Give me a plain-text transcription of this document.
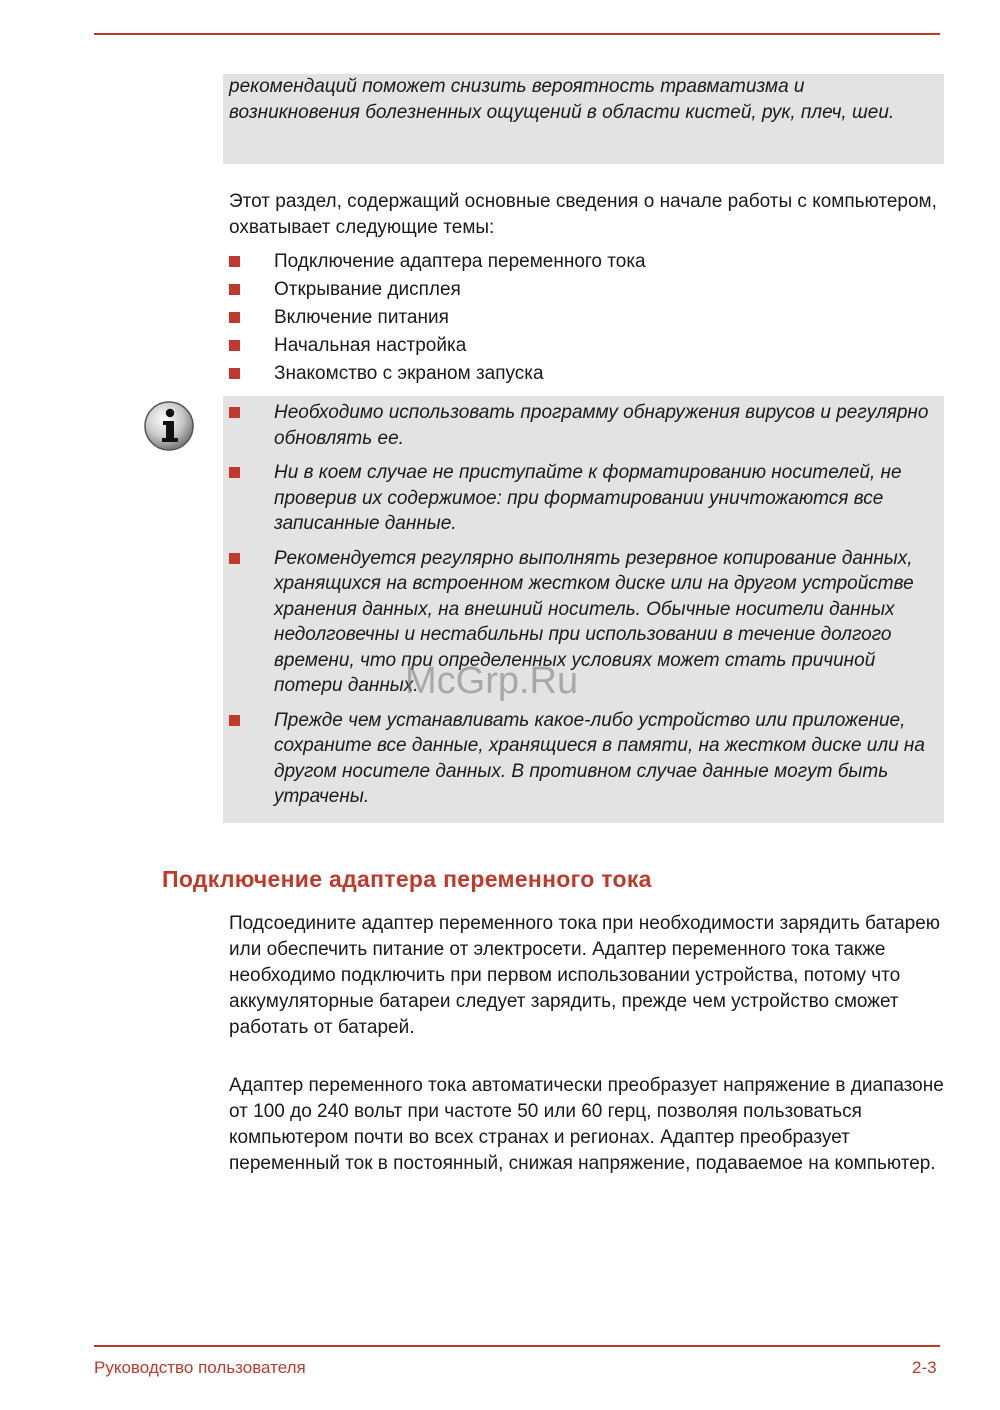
рекомендаций поможет снизить вероятность травматизма и возникновения болезненных ощущений в области кистей, рук, плеч, шеи.
Этот раздел, содержащий основные сведения о начале работы с компьютером, охватывает следующие темы:
Подключение адаптера переменного тока
Открывание дисплея
Включение питания
Начальная настройка
Знакомство с экраном запуска
Необходимо использовать программу обнаружения вирусов и регулярно обновлять ее.
Ни в коем случае не приступайте к форматированию носителей, не проверив их содержимое: при форматировании уничтожаются все записанные данные.
Рекомендуется регулярно выполнять резервное копирование данных, хранящихся на встроенном жестком диске или на другом устройстве хранения данных, на внешний носитель. Обычные носители данных недолговечны и нестабильны при использовании в течение долгого времени, что при определенных условиях может стать причиной потери данных.
Прежде чем устанавливать какое-либо устройство или приложение, сохраните все данные, хранящиеся в памяти, на жестком диске или на другом носителе данных. В противном случае данные могут быть утрачены.
McGrp.Ru
Подключение адаптера переменного тока
Подсоедините адаптер переменного тока при необходимости зарядить батарею или обеспечить питание от электросети. Адаптер переменного тока также необходимо подключить при первом использовании устройства, потому что аккумуляторные батареи следует зарядить, прежде чем устройство сможет работать от батарей.
Адаптер переменного тока автоматически преобразует напряжение в диапазоне от 100 до 240 вольт при частоте 50 или 60 герц, позволяя пользоваться компьютером почти во всех странах и регионах. Адаптер преобразует переменный ток в постоянный, снижая напряжение, подаваемое на компьютер.
Руководство пользователя	2-3
